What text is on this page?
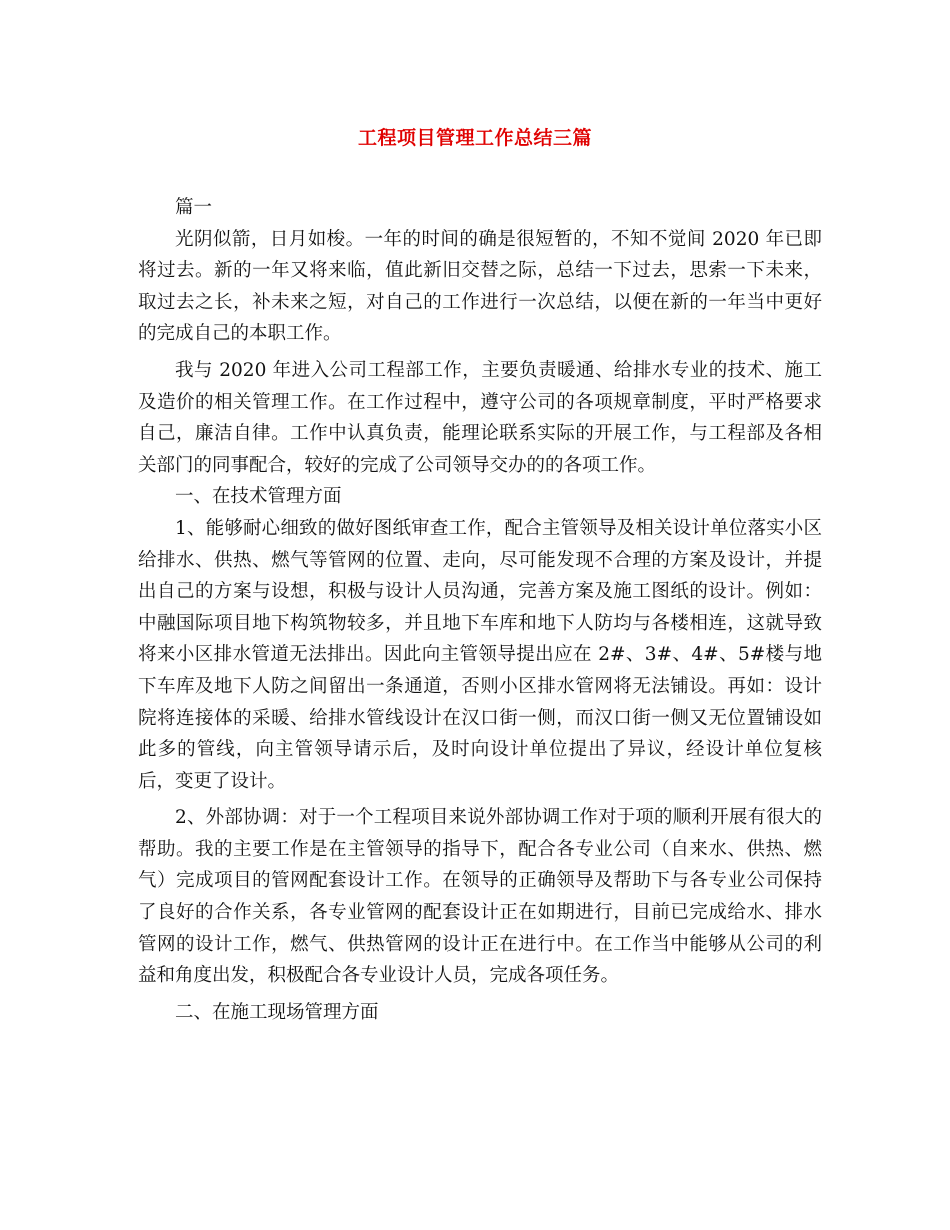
工程项目管理工作总结三篇

篇一

光阴似箭，日月如梭。一年的时间的确是很短暂的，不知不觉间 2020 年已即将过去。新的一年又将来临，值此新旧交替之际，总结一下过去，思索一下未来，取过去之长，补未来之短，对自己的工作进行一次总结，以便在新的一年当中更好的完成自己的本职工作。

我与 2020 年进入公司工程部工作，主要负责暖通、给排水专业的技术、施工及造价的相关管理工作。在工作过程中，遵守公司的各项规章制度，平时严格要求自己，廉洁自律。工作中认真负责，能理论联系实际的开展工作，与工程部及各相关部门的同事配合，较好的完成了公司领导交办的的各项工作。

一、在技术管理方面

1、能够耐心细致的做好图纸审查工作，配合主管领导及相关设计单位落实小区给排水、供热、燃气等管网的位置、走向，尽可能发现不合理的方案及设计，并提出自己的方案与设想，积极与设计人员沟通，完善方案及施工图纸的设计。例如：中融国际项目地下构筑物较多，并且地下车库和地下人防均与各楼相连，这就导致将来小区排水管道无法排出。因此向主管领导提出应在 2#、3#、4#、5#楼与地下车库及地下人防之间留出一条通道，否则小区排水管网将无法铺设。再如：设计院将连接体的采暖、给排水管线设计在汉口街一侧，而汉口街一侧又无位置铺设如此多的管线，向主管领导请示后，及时向设计单位提出了异议，经设计单位复核后，变更了设计。

2、外部协调：对于一个工程项目来说外部协调工作对于项的顺利开展有很大的帮助。我的主要工作是在主管领导的指导下，配合各专业公司（自来水、供热、燃气）完成项目的管网配套设计工作。在领导的正确领导及帮助下与各专业公司保持了良好的合作关系，各专业管网的配套设计正在如期进行，目前已完成给水、排水管网的设计工作，燃气、供热管网的设计正在进行中。在工作当中能够从公司的利益和角度出发，积极配合各专业设计人员，完成各项任务。

二、在施工现场管理方面
